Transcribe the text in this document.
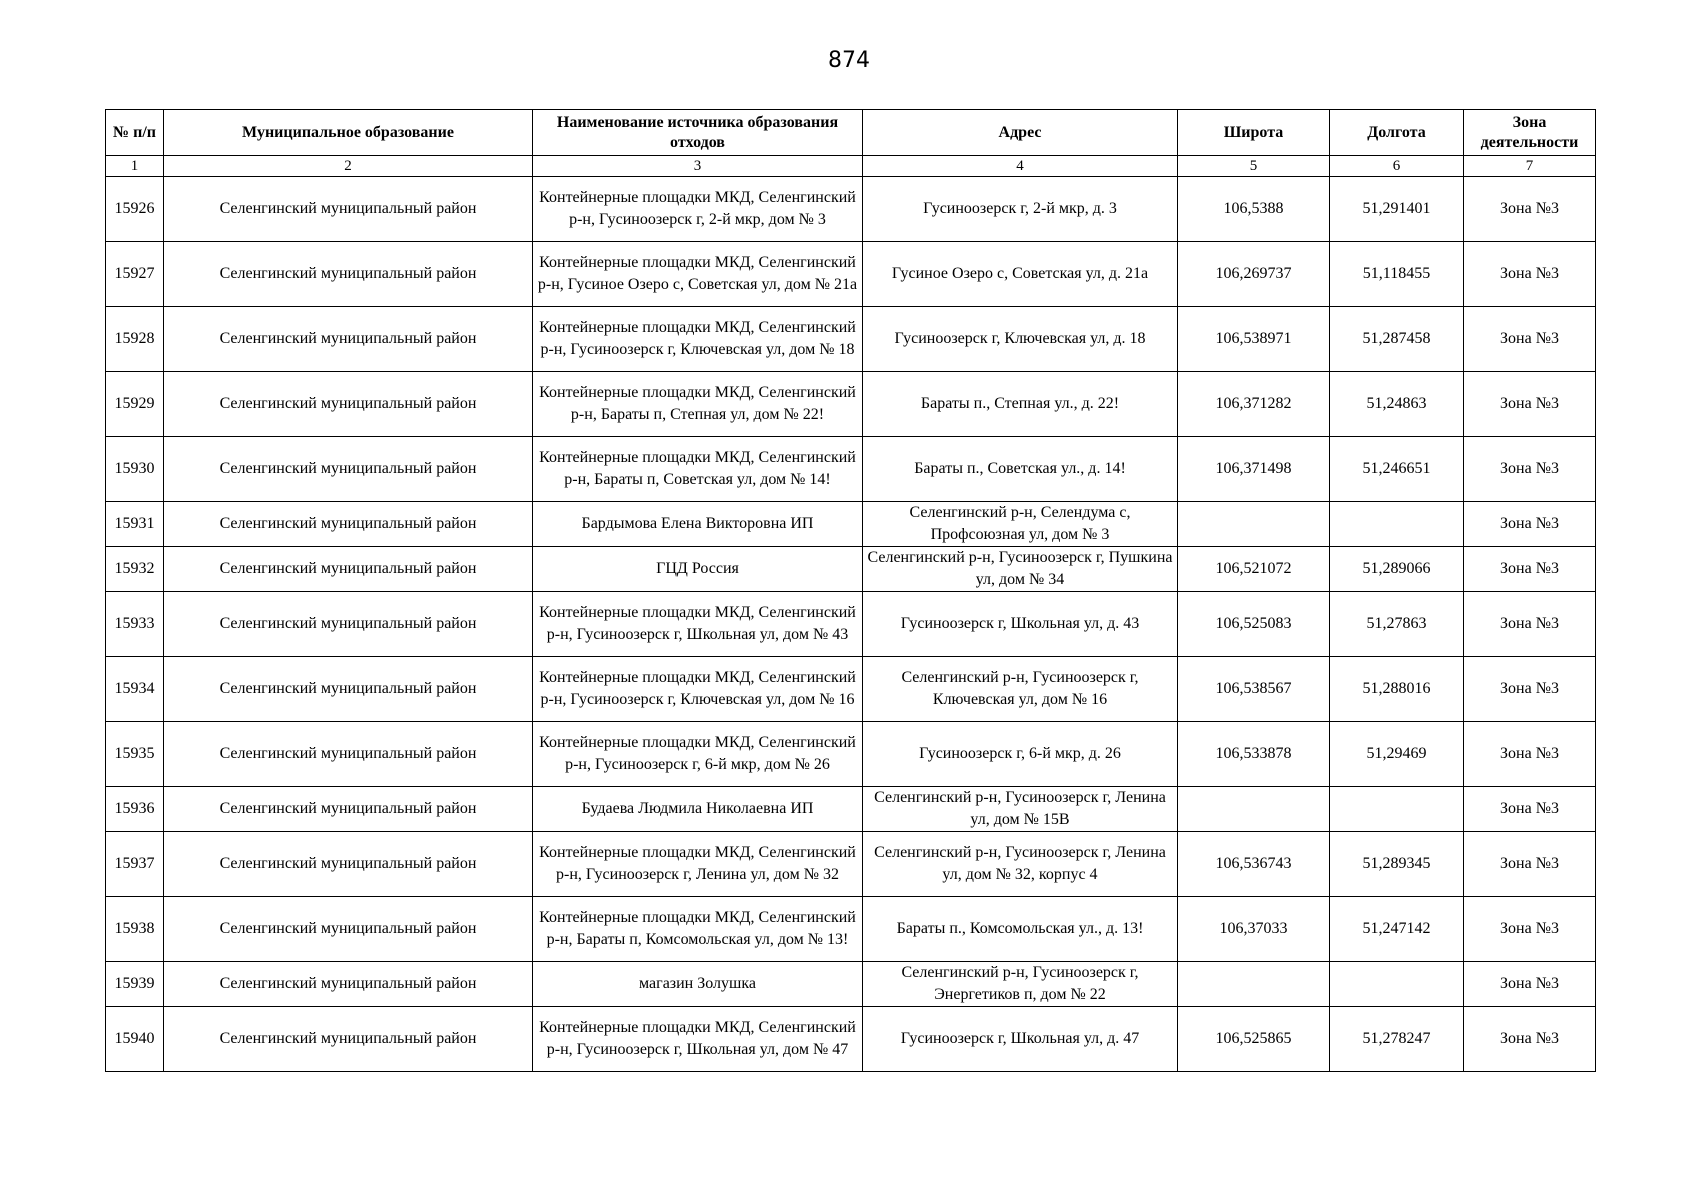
874
№ п/п	Муниципальное образование	Наименование источника образования отходов	Адрес	Широта	Долгота	Зона деятельности
1	2	3	4	5	6	7
15926	Селенгинский муниципальный район	Контейнерные площадки МКД, Селенгинский р-н, Гусиноозерск г, 2-й мкр, дом № 3	Гусиноозерск г, 2-й мкр, д. 3	106,5388	51,291401	Зона №3
15927	Селенгинский муниципальный район	Контейнерные площадки МКД, Селенгинский р-н, Гусиное Озеро с, Советская ул, дом № 21а	Гусиное Озеро с, Советская ул, д. 21а	106,269737	51,118455	Зона №3
15928	Селенгинский муниципальный район	Контейнерные площадки МКД, Селенгинский р-н, Гусиноозерск г, Ключевская ул, дом № 18	Гусиноозерск г, Ключевская ул, д. 18	106,538971	51,287458	Зона №3
15929	Селенгинский муниципальный район	Контейнерные площадки МКД, Селенгинский р-н, Бараты п, Степная ул, дом № 22!	Бараты п., Степная ул., д. 22!	106,371282	51,24863	Зона №3
15930	Селенгинский муниципальный район	Контейнерные площадки МКД, Селенгинский р-н, Бараты п, Советская ул, дом № 14!	Бараты п., Советская ул., д. 14!	106,371498	51,246651	Зона №3
15931	Селенгинский муниципальный район	Бардымова Елена Викторовна ИП	Селенгинский р-н, Селендума с, Профсоюзная ул, дом № 3			Зона №3
15932	Селенгинский муниципальный район	ГЦД Россия	Селенгинский р-н, Гусиноозерск г, Пушкина ул, дом № 34	106,521072	51,289066	Зона №3
15933	Селенгинский муниципальный район	Контейнерные площадки МКД, Селенгинский р-н, Гусиноозерск г, Школьная ул, дом № 43	Гусиноозерск г, Школьная ул, д. 43	106,525083	51,27863	Зона №3
15934	Селенгинский муниципальный район	Контейнерные площадки МКД, Селенгинский р-н, Гусиноозерск г, Ключевская ул, дом № 16	Селенгинский р-н, Гусиноозерск г, Ключевская ул, дом № 16	106,538567	51,288016	Зона №3
15935	Селенгинский муниципальный район	Контейнерные площадки МКД, Селенгинский р-н, Гусиноозерск г, 6-й мкр, дом № 26	Гусиноозерск г, 6-й мкр, д. 26	106,533878	51,29469	Зона №3
15936	Селенгинский муниципальный район	Будаева Людмила Николаевна ИП	Селенгинский р-н, Гусиноозерск г, Ленина ул, дом № 15В			Зона №3
15937	Селенгинский муниципальный район	Контейнерные площадки МКД, Селенгинский р-н, Гусиноозерск г, Ленина ул, дом № 32	Селенгинский р-н, Гусиноозерск г, Ленина ул, дом № 32, корпус 4	106,536743	51,289345	Зона №3
15938	Селенгинский муниципальный район	Контейнерные площадки МКД, Селенгинский р-н, Бараты п, Комсомольская ул, дом № 13!	Бараты п., Комсомольская ул., д. 13!	106,37033	51,247142	Зона №3
15939	Селенгинский муниципальный район	магазин Золушка	Селенгинский р-н, Гусиноозерск г, Энергетиков п, дом № 22			Зона №3
15940	Селенгинский муниципальный район	Контейнерные площадки МКД, Селенгинский р-н, Гусиноозерск г, Школьная ул, дом № 47	Гусиноозерск г, Школьная ул, д. 47	106,525865	51,278247	Зона №3
